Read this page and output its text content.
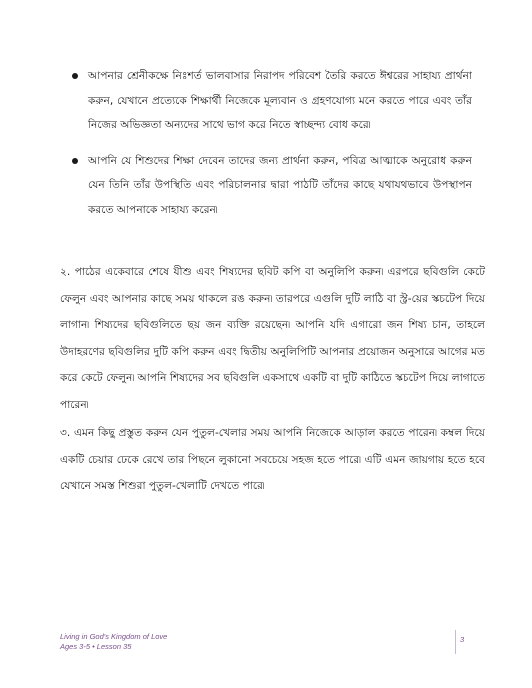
আপনার শ্রেনীকক্ষে নিঃশর্ত ভালবাসার নিরাপদ পরিবেশ তৈরি করতে ঈশ্বরের সাহায্য প্রার্থনা করুন, যেখানে প্রত্যেকে শিক্ষার্থী নিজেকে মূল্যবান ও গ্রহণযোগ্য মনে করতে পারে এবং তাঁর নিজের অভিজ্ঞতা অন্যদের সাথে ভাগ করে নিতে স্বাচ্ছন্দ্য বোধ করে৷
আপনি যে শিশুদের শিক্ষা দেবেন তাদের জন্য প্রার্থনা করুন, পবিত্র আত্মাকে অনুরোধ করুন যেন তিনি তাঁর উপস্থিতি এবং পরিচালনার দ্বারা পাঠটি তাঁদের কাছে যথাযথভাবে উপস্থাপন করতে আপনাকে সাহায্য করেন৷

২. পাঠের একেবারে শেষে যীশু এবং শিষ্যদের ছবিট কপি বা অনুলিপি করুন৷ এরপরে ছবিগুলি কেটে ফেলুন এবং আপনার কাছে সময় থাকলে রঙ করুন৷ তারপরে এগুলি দুটি লাঠি বা স্ট্র-য়ের স্কচটেপ দিয়ে লাগান৷ শিষ্যদের ছবিগুলিতে ছয় জন ব্যক্তি রয়েছেন৷ আপনি যদি এগারো জন শিষ্য চান, তাহলে উদাহরণের ছবিগুলির দুটি কপি করুন এবং দ্বিতীয় অনুলিপিটি আপনার প্রয়োজন অনুসারে আগের মত করে কেটে ফেলুন৷ আপনি শিষ্যদের সব ছবিগুলি একসাথে একটি বা দুটি কাঠিতে স্কচটেপ দিয়ে লাগাতে পারেন৷

৩. এমন কিছু প্রস্তুত করুন যেন পুতুল-খেলার সময় আপনি নিজেকে আড়াল করতে পারেন৷ কম্বল দিয়ে একটি চেয়ার ঢেকে রেখে তার পিছনে লুকানো সবচেয়ে সহজ হতে পারে৷ এটি এমন জায়গায় হতে হবে যেখানে সমস্ত শিশুরা পুতুল-খেলাটি দেখতে পারে৷

Living in God's Kingdom of Love
Ages 3-5 • Lesson 35
3
